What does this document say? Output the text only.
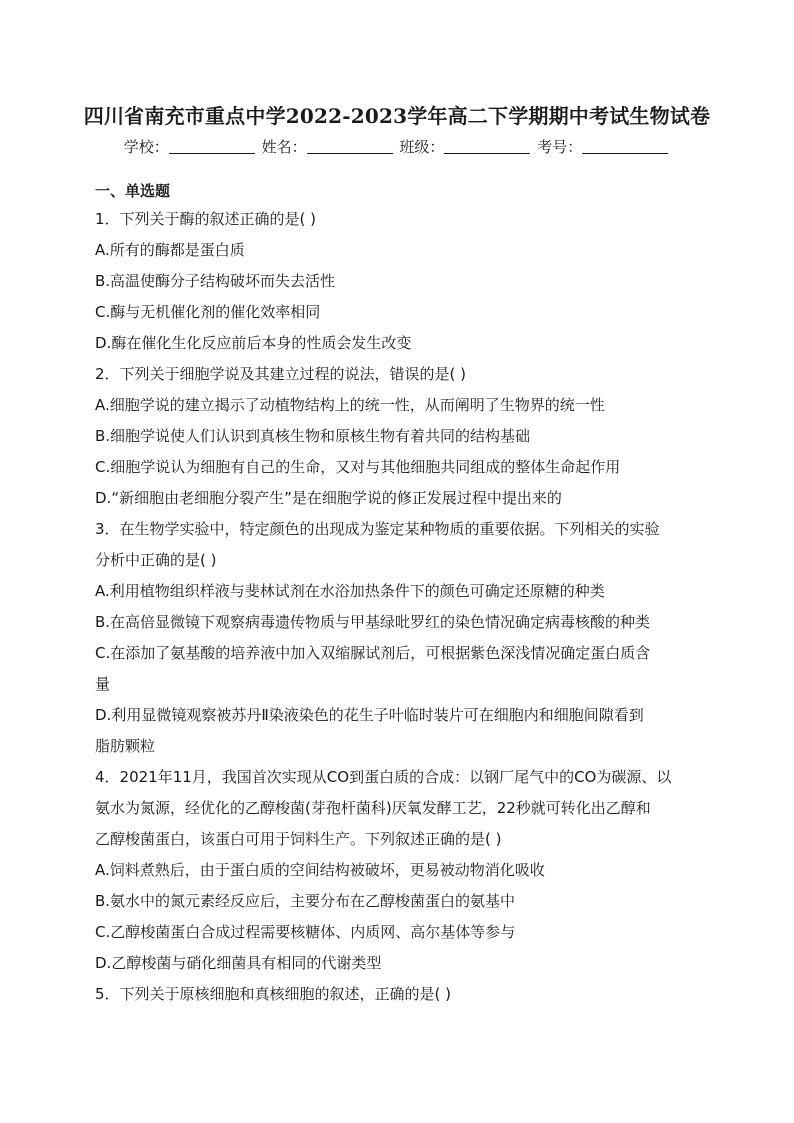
四川省南充市重点中学2022-2023学年高二下学期期中考试生物试卷
学校：	姓名：	班级：	考号：
一、单选题
1．下列关于酶的叙述正确的是( )
A.所有的酶都是蛋白质
B.高温使酶分子结构破坏而失去活性
C.酶与无机催化剂的催化效率相同
D.酶在催化生化反应前后本身的性质会发生改变
2．下列关于细胞学说及其建立过程的说法，错误的是( )
A.细胞学说的建立揭示了动植物结构上的统一性，从而阐明了生物界的统一性
B.细胞学说使人们认识到真核生物和原核生物有着共同的结构基础
C.细胞学说认为细胞有自己的生命，又对与其他细胞共同组成的整体生命起作用
D.“新细胞由老细胞分裂产生”是在细胞学说的修正发展过程中提出来的
3．在生物学实验中，特定颜色的出现成为鉴定某种物质的重要依据。下列相关的实验
分析中正确的是( )
A.利用植物组织样液与斐林试剂在水浴加热条件下的颜色可确定还原糖的种类
B.在高倍显微镜下观察病毒遗传物质与甲基绿吡罗红的染色情况确定病毒核酸的种类
C.在添加了氨基酸的培养液中加入双缩脲试剂后，可根据紫色深浅情况确定蛋白质含
量
D.利用显微镜观察被苏丹Ⅱ染液染色的花生子叶临时装片可在细胞内和细胞间隙看到
脂肪颗粒
4．2021年11月，我国首次实现从CO到蛋白质的合成：以钢厂尾气中的CO为碳源、以
氨水为氮源，经优化的乙醇梭菌(芽孢杆菌科)厌氧发酵工艺，22秒就可转化出乙醇和
乙醇梭菌蛋白，该蛋白可用于饲料生产。下列叙述正确的是( )
A.饲料煮熟后，由于蛋白质的空间结构被破坏，更易被动物消化吸收
B.氨水中的氮元素经反应后，主要分布在乙醇梭菌蛋白的氨基中
C.乙醇梭菌蛋白合成过程需要核糖体、内质网、高尔基体等参与
D.乙醇梭菌与硝化细菌具有相同的代谢类型
5．下列关于原核细胞和真核细胞的叙述，正确的是( )
